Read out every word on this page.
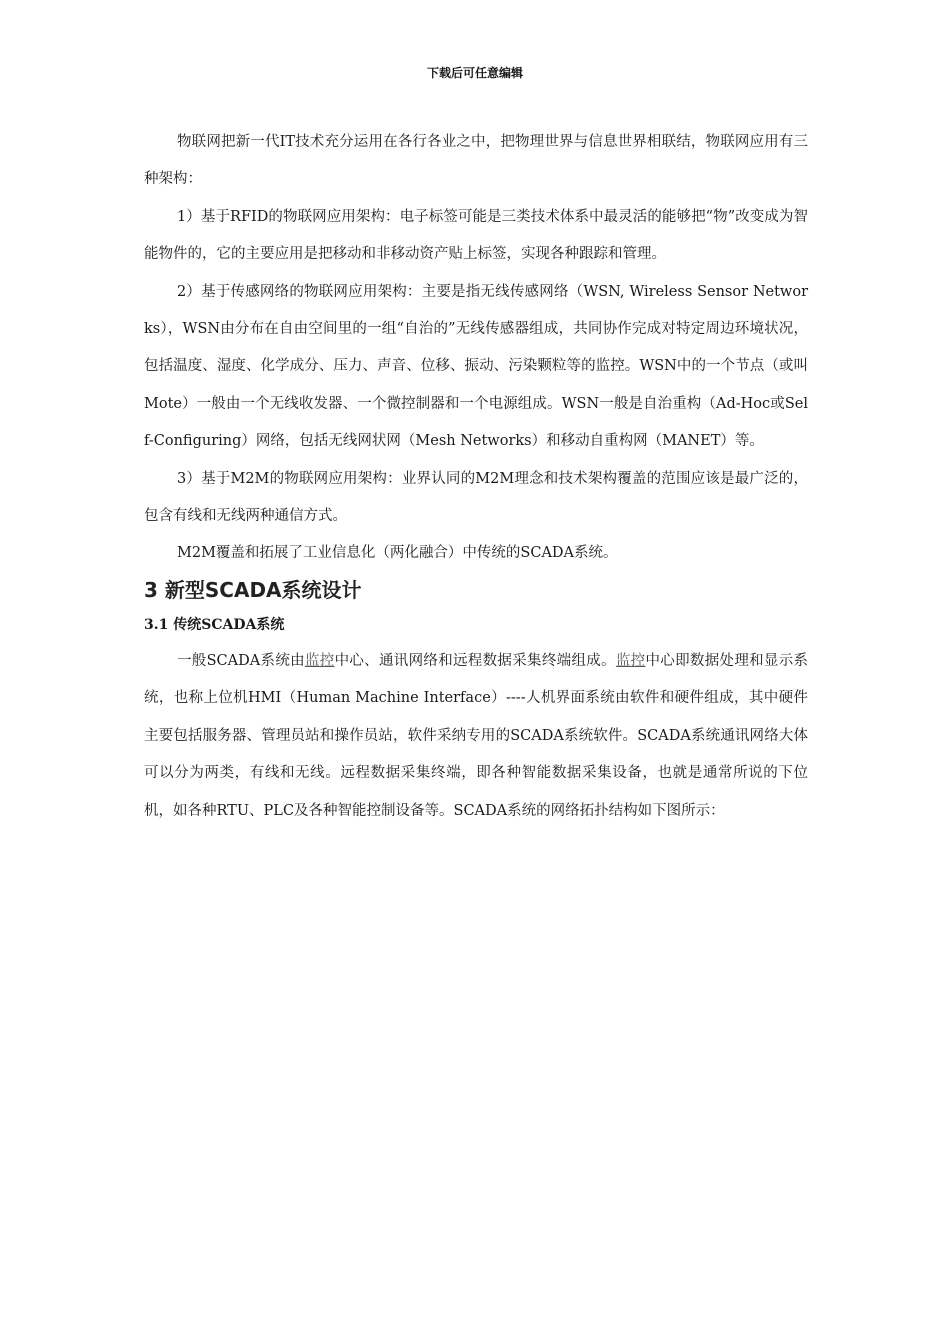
下载后可任意编辑

物联网把新一代IT技术充分运用在各行各业之中，把物理世界与信息世界相联结，物联网应用有三种架构：

1）基于RFID的物联网应用架构：电子标签可能是三类技术体系中最灵活的能够把“物”改变成为智能物件的，它的主要应用是把移动和非移动资产贴上标签，实现各种跟踪和管理。

2）基于传感网络的物联网应用架构：主要是指无线传感网络（WSN, Wireless Sensor Networks），WSN由分布在自由空间里的一组“自治的”无线传感器组成，共同协作完成对特定周边环境状况，包括温度、湿度、化学成分、压力、声音、位移、振动、污染颗粒等的监控。WSN中的一个节点（或叫Mote）一般由一个无线收发器、一个微控制器和一个电源组成。WSN一般是自治重构（Ad-Hoc或Self-Configuring）网络，包括无线网状网（Mesh Networks）和移动自重构网（MANET）等。

3）基于M2M的物联网应用架构：业界认同的M2M理念和技术架构覆盖的范围应该是最广泛的，包含有线和无线两种通信方式。

M2M覆盖和拓展了工业信息化（两化融合）中传统的SCADA系统。

3 新型SCADA系统设计
3.1 传统SCADA系统

一般SCADA系统由监控中心、通讯网络和远程数据采集终端组成。监控中心即数据处理和显示系统，也称上位机HMI（Human Machine Interface）----人机界面系统由软件和硬件组成，其中硬件主要包括服务器、管理员站和操作员站，软件采纳专用的SCADA系统软件。SCADA系统通讯网络大体可以分为两类，有线和无线。远程数据采集终端，即各种智能数据采集设备，也就是通常所说的下位机，如各种RTU、PLC及各种智能控制设备等。SCADA系统的网络拓扑结构如下图所示：
